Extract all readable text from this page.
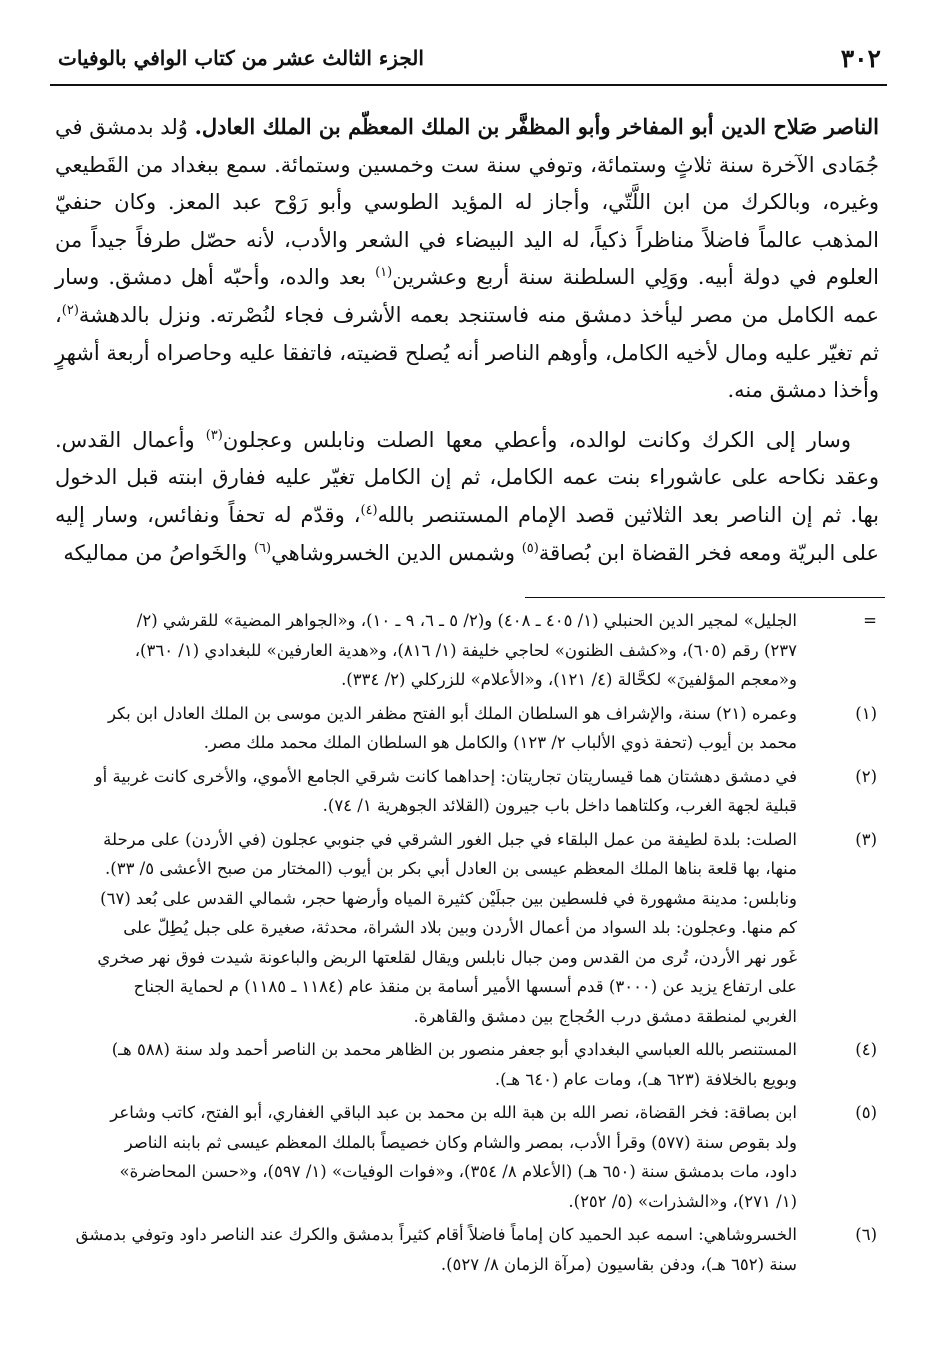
٣٠٢
الجزء الثالث عشر من كتاب الوافي بالوفيات

الناصر صَلاح الدين أبو المفاخر وأبو المظفَّر بن الملك المعظّم بن الملك العادل. وُلد بدمشق في جُمَادى الآخرة سنة ثلاثٍ وستمائة، وتوفي سنة ست وخمسين وستمائة. سمع ببغداد من القَطيعي وغيره، وبالكرك من ابن اللَّتّي، وأجاز له المؤيد الطوسي وأبو رَوْح عبد المعز. وكان حنفيّ المذهب عالماً فاضلاً مناظراً ذكياً، له اليد البيضاء في الشعر والأدب، لأنه حصّل طرفاً جيداً من العلوم في دولة أبيه. ووَلِي السلطنة سنة أربع وعشرين$^{(١)}$ بعد والده، وأحبّه أهل دمشق. وسار عمه الكامل من مصر ليأخذ دمشق منه فاستنجد بعمه الأشرف فجاء لنُصْرته. ونزل بالدهشة$^{(٢)}$، ثم تغيّر عليه ومال لأخيه الكامل، وأوهم الناصر أنه يُصلح قضيته، فاتفقا عليه وحاصراه أربعة أشهرٍ وأخذا دمشق منه.

وسار إلى الكرك وكانت لوالده، وأعطي معها الصلت ونابلس وعجلون$^{(٣)}$ وأعمال القدس. وعقد نكاحه على عاشوراء بنت عمه الكامل، ثم إن الكامل تغيّر عليه ففارق ابنته قبل الدخول بها. ثم إن الناصر بعد الثلاثين قصد الإمام المستنصر بالله$^{(٤)}$، وقدّم له تحفاً ونفائس، وسار إليه على البريّة ومعه فخر القضاة ابن بُصاقة$^{(٥)}$ وشمس الدين الخسروشاهي$^{(٦)}$ والخَواصُ من مماليكه

=
الجليل» لمجير الدين الحنبلي (١/ ٤٠٥ ـ ٤٠٨) و(٢/ ٥ ـ ٦، ٩ ـ ١٠)، و«الجواهر المضية» للقرشي (٢/
٢٣٧) رقم (٦٠٥)، و«كشف الظنون» لحاجي خليفة (١/ ٨١٦)، و«هدية العارفين» للبغدادي (١/ ٣٦٠)،
و«معجم المؤلفينَ» لكحَّالة (٤/ ١٢١)، و«الأعلام» للزركلي (٢/ ٣٣٤).
(١)
وعمره (٢١) سنة، والإشراف هو السلطان الملك أبو الفتح مظفر الدين موسى بن الملك العادل ابن بكر
محمد بن أيوب (تحفة ذوي الألباب ٢/ ١٢٣) والكامل هو السلطان الملك محمد ملك مصر.
(٢)
في دمشق دهشتان هما قيساريتان تجاريتان: إحداهما كانت شرقي الجامع الأموي، والأخرى كانت غربية أو
قبلية لجهة الغرب، وكلتاهما داخل باب جيرون (القلائد الجوهرية ١/ ٧٤).
(٣)
الصلت: بلدة لطيفة من عمل البلقاء في جبل الغور الشرقي في جنوبي عجلون (في الأردن) على مرحلة
منها، بها قلعة بناها الملك المعظم عيسى بن العادل أبي بكر بن أيوب (المختار من صبح الأعشى ٥/ ٣٣).
ونابلس: مدينة مشهورة في فلسطين بين جبلَيْن كثيرة المياه وأرضها حجر، شمالي القدس على بُعد (٦٧)
كم منها. وعجلون: بلد السواد من أعمال الأردن وبين بلاد الشراة، محدثة، صغيرة على جبل يُطِلّ على
غَور نهر الأردن، تُرى من القدس ومن جبال نابلس ويقال لقلعتها الربض والباعونة شيدت فوق نهر صخري
على ارتفاع يزيد عن (٣٠٠٠) قدم أسسها الأمير أسامة بن منقذ عام (١١٨٤ ـ ١١٨٥) م لحماية الجناح
الغربي لمنطقة دمشق درب الحُجاج بين دمشق والقاهرة.
(٤)
المستنصر بالله العباسي البغدادي أبو جعفر منصور بن الظاهر محمد بن الناصر أحمد ولد سنة (٥٨٨ هـ)
وبويع بالخلافة (٦٢٣ هـ)، ومات عام (٦٤٠ هـ).
(٥)
ابن بصاقة: فخر القضاة، نصر الله بن هبة الله بن محمد بن عبد الباقي الغفاري، أبو الفتح، كاتب وشاعر
ولد بقوص سنة (٥٧٧) وقرأ الأدب، بمصر والشام وكان خصيصاً بالملك المعظم عيسى ثم بابنه الناصر
داود، مات بدمشق سنة (٦٥٠ هـ) (الأعلام ٨/ ٣٥٤)، و«فوات الوفيات» (١/ ٥٩٧)، و«حسن المحاضرة»
(١/ ٢٧١)، و«الشذرات» (٥/ ٢٥٢).
(٦)
الخسروشاهي: اسمه عبد الحميد كان إماماً فاضلاً أقام كثيراً بدمشق والكرك عند الناصر داود وتوفي بدمشق
سنة (٦٥٢ هـ)، ودفن بقاسيون (مرآة الزمان ٨/ ٥٢٧).
